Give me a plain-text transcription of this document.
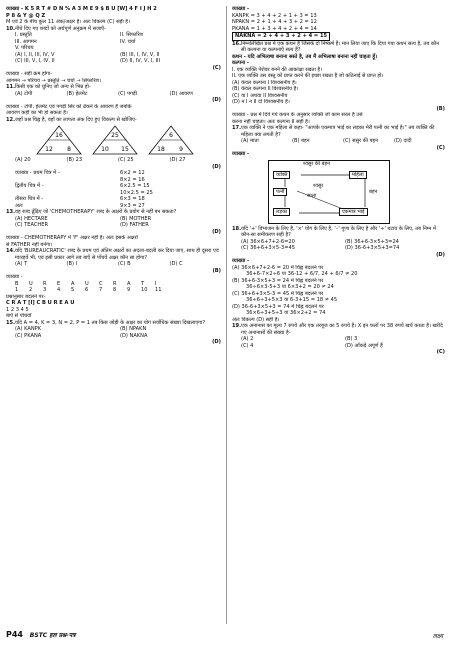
व्याख्या - K 5 R T # D N % A 3 M E 9 $ B U [W] 4 F I J H 2
P 8 & Y @ Q Z
M एवं 2 के बीच कुल 11 अंक/अक्षर हैं। अतः विकल्प (C) सही है।
10. नीचे दिए गए शब्दों को अर्थपूर्ण अनुक्रम में सजाएँ-
I. प्रस्तुति	II. सिफारिश
III. आगमन	IV. चर्चा
V. परिचय
(A) I, II, III, IV, V	(B) III, I, IV, V, II
(C) III, V, I, IV, II	(D) II, IV, V, I, III
(C)
व्याख्या - सही क्रम होगा-
आगमन → परिचय → प्रस्तुति → चर्चा → सिफारिश।
11. किसी एक को चुनिए जो अन्य से भिन्न हो-
(A) टोपी	(B) हेलमेट	(C) पगड़ी	(D) आवरण
(D)
व्याख्या - टोपी, हेलमेट एवं पगड़ी सिर को ढँकने के आवरण हैं जबकि
आवरण कहीं का भी हो सकता है।
12. जहाँ प्रश्न चिह्न है, वहाँ का लापता अंक दिए हुए विकल्प से खोजिए-
16
12 8
25
10 15
6
18 9
(A) 20	(B) 23	(C) 25	(D) 27
(D)
व्याख्या - प्रथम चित्र में -	6×2 = 12
8×2 = 16
द्वितीय चित्र में -	6×2.5 = 15
10×2.5 = 25
तीसरा चित्र में -	6×3 = 18
अतः	9×3 = 27
13. वह शब्द ढूँढ़िए जो 'CHEMOTHERAPY' शब्द के अक्षरों के प्रयोग से नहीं बन सकता?
(A) HECTARE	(B) MOTHER
(C) TEACHER	(D) FATHER
(D)
व्याख्या - CHEMOTHERAPY में 'F' अक्षर नहीं है। अतः इसके अक्षरों
से FATHER नहीं बनेगा।
14. यदि 'BUREAUCRATIC' शब्द के प्रथम एवं अंतिम अक्षरों का अदला-बदली कर दिया जाए, साथ ही दूसरा एवं ग्यारहवें भी, एवं इसी प्रकार आगे तब बाएँ से पाँचवें अक्षर कौन सा होगा?
(A) T	(B) I	(C) B	(D) C
(B)
व्याख्या -
B	U	R	E	A	U	C	R	A	T	I
1	2	3	4	5	6	7	8	9	10	11
प्रश्नानुसार बदलने पर-
C R A T [I] C B U R E A U
1 2 3 4 5
बाएँ से पाँचवाँ
15. यदि A = 4, K = 3, N = 2, P = 1 तब किस जोड़ी के अक्षर का योग सर्वाधिक संख्या दिखलाएगा?
(A) KANPK	(B) NPAKN
(C) PKANA	(D) NAKNA
(D)
व्याख्या -
KANPK = 3 + 4 + 2 + 1 + 3 = 13
NPAKN = 2 + 1 + 4 + 3 + 2 = 12
PKANA = 1 + 3 + 4 + 2 + 4 = 14
NAKNA = 2 + 4 + 3 + 2 + 4 = 15
16. निम्नलिखित प्रश्न में एक कथन है जिसके दो निष्कर्ष हैं। मान लिया जाए कि दिया गया कथन सत्य है, तब कौन सी कल्पना या कल्पनाएँ सत्य हैं?
कथन - यदि अभिलाषा बनाना सस्ते है, तब मैं अभिलाषा बनाना नहीं चाहता हूँ।
कल्पना -
I. एक व्यक्ति पेशेवर बनने की आकांक्षा रखता है।
II. एक व्यक्ति उस वस्तु को प्राप्त करने की इच्छा रखता है जो कठिनाई से प्राप्त हो।
(A) केवल कल्पना I विश्वसनीय है।
(B) केवल कल्पना II विश्वसनीय है।
(C) या I अथवा II विश्वसनीय
(D) न I न II दो विश्वसनीय है।
(B)
व्याख्या - प्रश्न में दिये गये कथन के अनुसार व्यक्ति जो काम सरल है उसे
करना नहीं चाहता। अतः कल्पना II सही है।
17. एक व्यक्ति ने एक महिला से कहा- "आपके एकमात्र भाई का लड़का मेरी पत्नी का भाई है।" तब व्यक्ति की महिला क्या लगती है?
(A) माता	(B) बहन	(C) ससुर की बहन	(D) दादी
(C)
व्याख्या -
व्यक्ति	महिला
पत्नी
लड़का	एकमात्र भाई
श्वसुर की बहन
श्वसुर
साला
बहन
18. यदि '+' विभाजन के लिए है, '×' योग के लिए है, '–' गुणा के लिए है और '÷' घटाव के लिए, तब निम्न में कौन-सा समीकरण सही है?
(A) 36×6+7+2-6=20	(B) 36+6-3×5+3=24
(C) 36+6+3×5-3=45	(D) 36-6+3×5+3=74
(D)
व्याख्या -
(A) 36×6+7+2-6 = 20 में चिह्न बदलने पर
36+6-7×2÷6 या 36-12 + 6/7, 24 + 6/7 ≠ 20
(B) 36+6-3×5+3 = 24 में चिह्न बदलने पर
36÷6×3-5+3 या 6×3+2 = 20 ≠ 24
(C) 36+6+3×5-3 = 45 में चिह्न बदलने पर
36÷6÷3+5×3 या 6-3+15 = 18 ≠ 45
(D) 36-6+3×5+3 = 74 में चिह्न बदलने पर
36×6÷3+5÷3 या 36×2+2 = 74
अतः विकल्प (D) सही है।
19. एक अनानास का मूल्य 7 रुपये और एक तरबूज का 5 रुपये है। X इन फलों पर 38 रुपये खर्च करता है। खरीदे गए अनानासों की संख्या है-
(A) 2	(B) 3
(C) 4	(D) आँकड़े अपूर्ण हैं
(C)
P44 BSTC हल प्रश्न-पत्र	लक्ष्य
